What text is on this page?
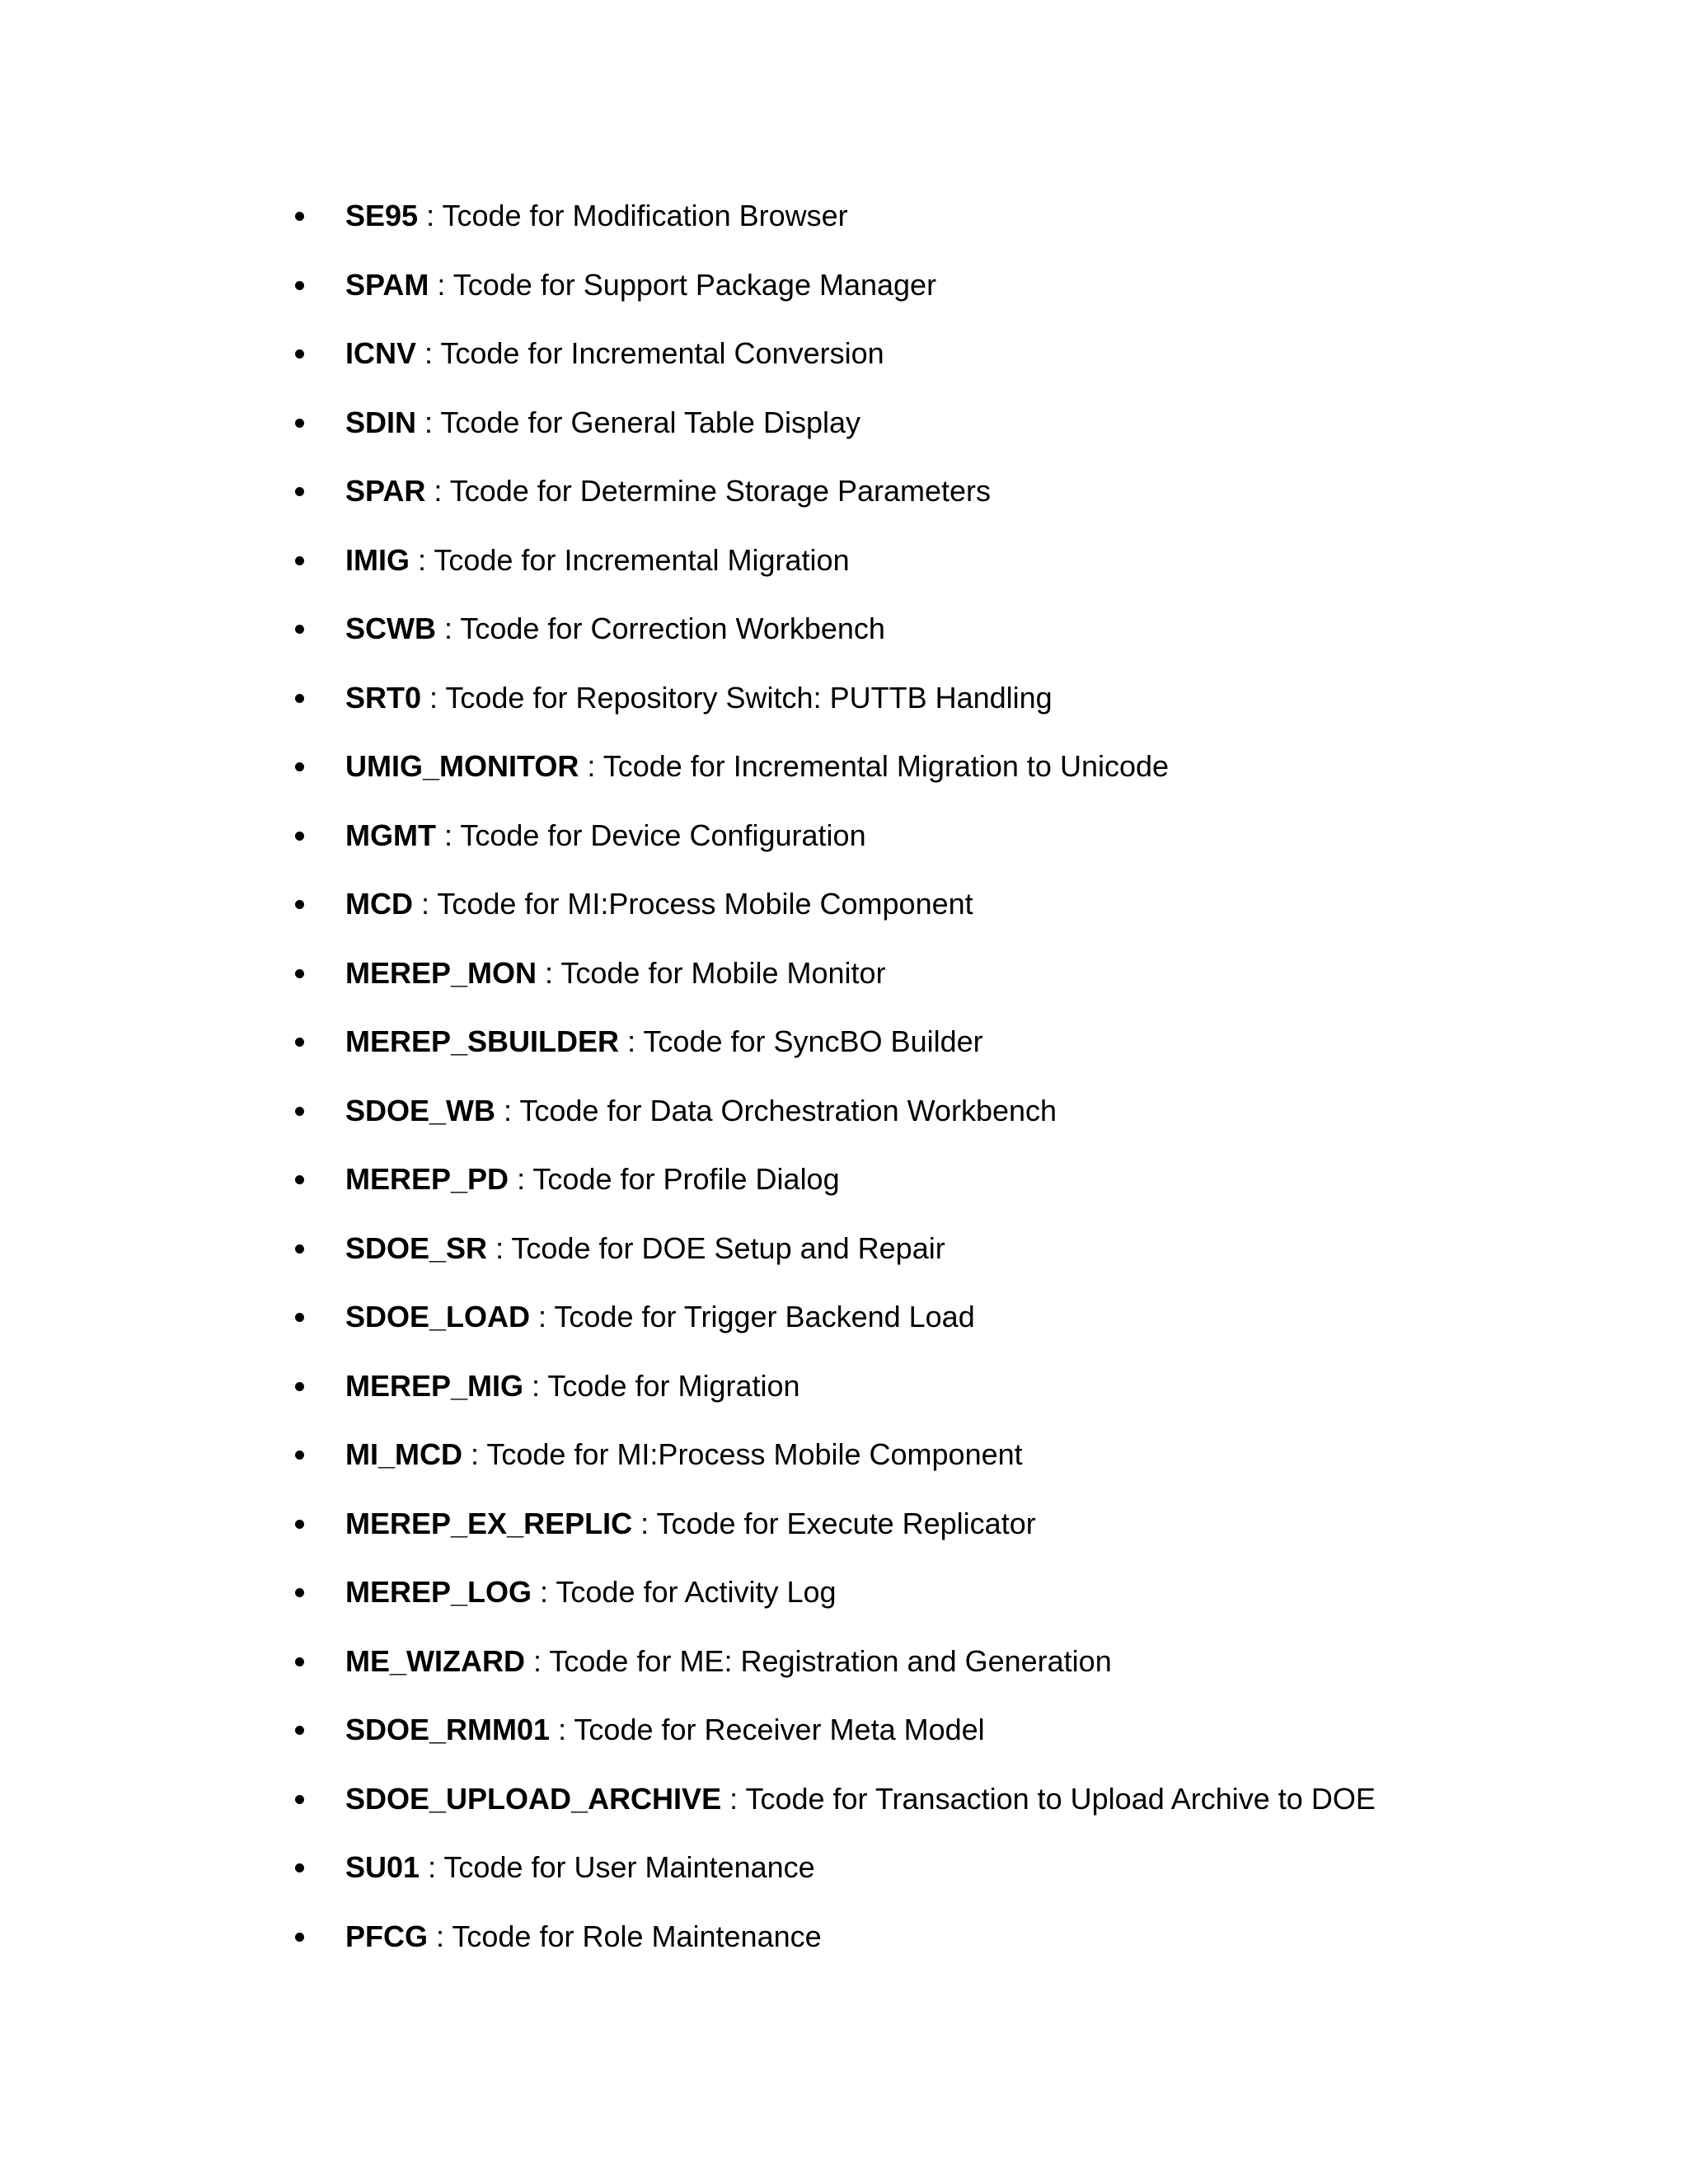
SE95 : Tcode for Modification Browser
SPAM : Tcode for Support Package Manager
ICNV : Tcode for Incremental Conversion
SDIN : Tcode for General Table Display
SPAR : Tcode for Determine Storage Parameters
IMIG : Tcode for Incremental Migration
SCWB : Tcode for Correction Workbench
SRT0 : Tcode for Repository Switch: PUTTB Handling
UMIG_MONITOR : Tcode for Incremental Migration to Unicode
MGMT : Tcode for Device Configuration
MCD : Tcode for MI:Process Mobile Component
MEREP_MON : Tcode for Mobile Monitor
MEREP_SBUILDER : Tcode for SyncBO Builder
SDOE_WB : Tcode for Data Orchestration Workbench
MEREP_PD : Tcode for Profile Dialog
SDOE_SR : Tcode for DOE Setup and Repair
SDOE_LOAD : Tcode for Trigger Backend Load
MEREP_MIG : Tcode for Migration
MI_MCD : Tcode for MI:Process Mobile Component
MEREP_EX_REPLIC : Tcode for Execute Replicator
MEREP_LOG : Tcode for Activity Log
ME_WIZARD : Tcode for ME: Registration and Generation
SDOE_RMM01 : Tcode for Receiver Meta Model
SDOE_UPLOAD_ARCHIVE : Tcode for Transaction to Upload Archive to DOE
SU01 : Tcode for User Maintenance
PFCG : Tcode for Role Maintenance
